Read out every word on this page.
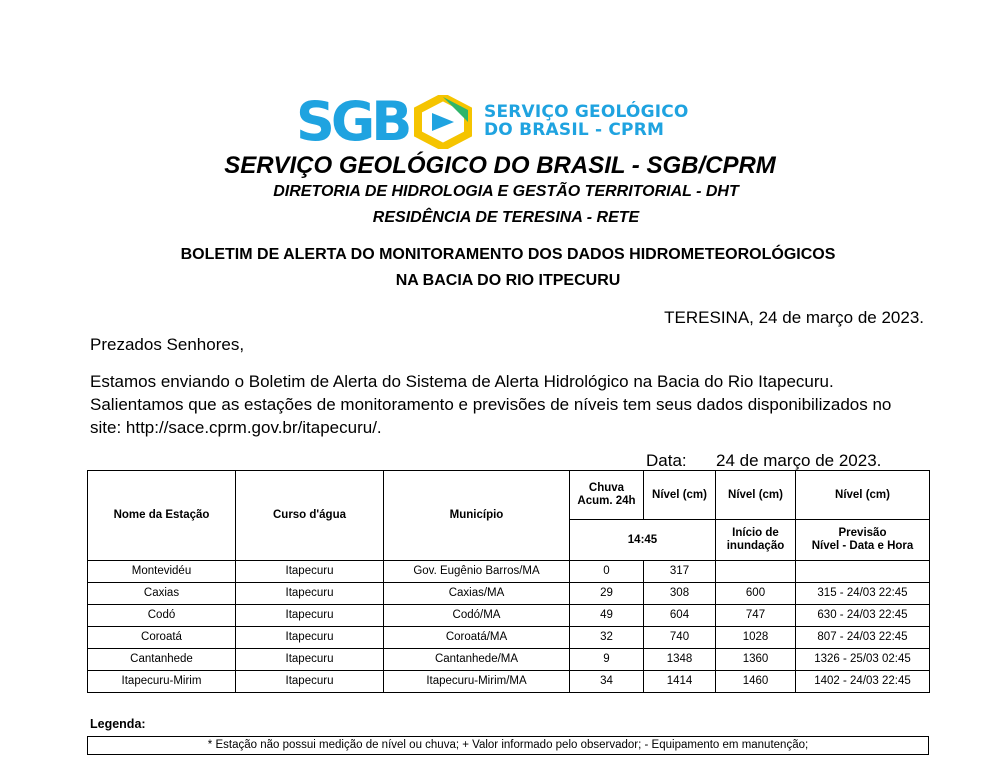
SGB	SERVIÇO GEOLÓGICO
DO BRASIL - CPRM
SERVIÇO GEOLÓGICO DO BRASIL - SGB/CPRM
DIRETORIA DE HIDROLOGIA E GESTÃO TERRITORIAL - DHT
RESIDÊNCIA DE TERESINA - RETE
BOLETIM DE ALERTA DO MONITORAMENTO DOS DADOS HIDROMETEOROLÓGICOS
NA BACIA DO RIO ITPECURU
TERESINA, 24 de março de 2023.
Prezados Senhores,
Estamos enviando o Boletim de Alerta do Sistema de Alerta Hidrológico na Bacia do Rio Itapecuru. Salientamos que as estações de monitoramento e previsões de níveis tem seus dados disponibilizados no site: http://sace.cprm.gov.br/itapecuru/.
Data: 24 de março de 2023.
Nome da Estação	Curso d'água	Município	Chuva Acum. 24h	Nível (cm)	Nível (cm)	Nível (cm)
			14:45		Início de inundação	Previsão
Nível - Data e Hora

Montevidéu	Itapecuru	Gov. Eugênio Barros/MA	0	317		
Caxias	Itapecuru	Caxias/MA	29	308	600	315 - 24/03 22:45
Codó	Itapecuru	Codó/MA	49	604	747	630 - 24/03 22:45
Coroatá	Itapecuru	Coroatá/MA	32	740	1028	807 - 24/03 22:45
Cantanhede	Itapecuru	Cantanhede/MA	9	1348	1360	1326 - 25/03 02:45
Itapecuru-Mirim	Itapecuru	Itapecuru-Mirim/MA	34	1414	1460	1402 - 24/03 22:45
Legenda:
* Estação não possui medição de nível ou chuva; + Valor informado pelo observador; - Equipamento em manutenção;
